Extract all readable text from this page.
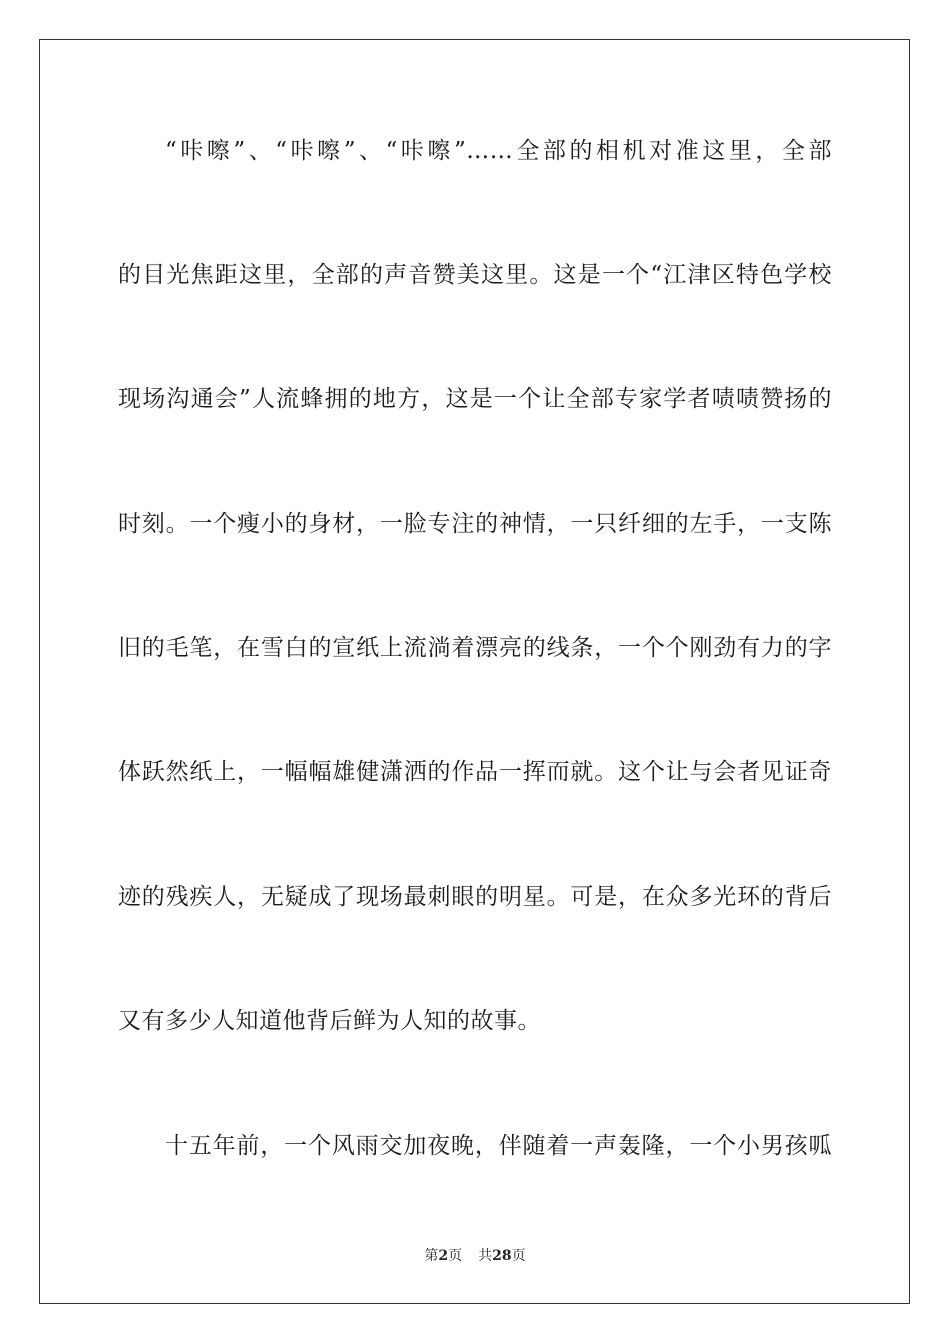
“咔嚓”、“咔嚓”、“咔嚓”……全部的相机对准这里，全部
的目光焦距这里，全部的声音赞美这里。这是一个“江津区特色学校
现场沟通会”人流蜂拥的地方，这是一个让全部专家学者啧啧赞扬的
时刻。一个瘦小的身材，一脸专注的神情，一只纤细的左手，一支陈
旧的毛笔，在雪白的宣纸上流淌着漂亮的线条，一个个刚劲有力的字
体跃然纸上，一幅幅雄健潇洒的作品一挥而就。这个让与会者见证奇
迹的残疾人，无疑成了现场最刺眼的明星。可是，在众多光环的背后
又有多少人知道他背后鲜为人知的故事。
十五年前，一个风雨交加夜晚，伴随着一声轰隆，一个小男孩呱
第2页 共28页
